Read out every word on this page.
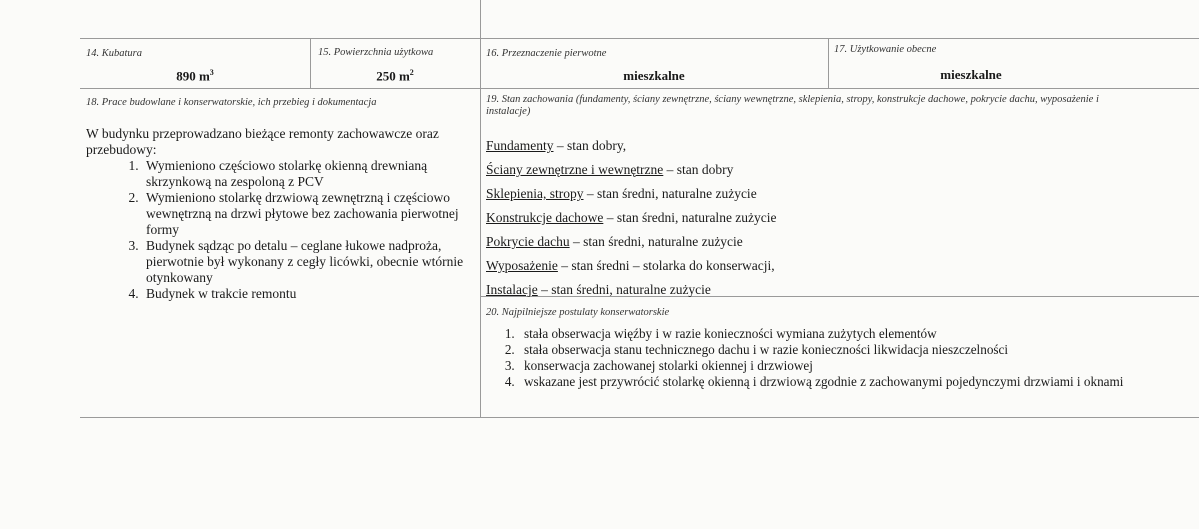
14. Kubatura
890 $m^3$
15. Powierzchnia użytkowa
250 $m^2$
16. Przeznaczenie pierwotne
mieszkalne
17. Użytkowanie obecne
mieszkalne
18. Prace budowlane i konserwatorskie, ich przebieg i dokumentacja
W budynku przeprowadzano bieżące remonty zachowawcze oraz przebudowy:
1. Wymieniono częściowo stolarkę okienną drewnianą skrzynkową na zespoloną z PCV
2. Wymieniono stolarkę drzwiową zewnętrzną i częściowo wewnętrzną na drzwi płytowe bez zachowania pierwotnej formy
3. Budynek sądząc po detalu – ceglane łukowe nadproża, pierwotnie był wykonany z cegły licówki, obecnie wtórnie otynkowany
4. Budynek w trakcie remontu
19. Stan zachowania (fundamenty, ściany zewnętrzne, ściany wewnętrzne, sklepienia, stropy, konstrukcje dachowe, pokrycie dachu, wyposażenie i instalacje)

Fundamenty – stan dobry,

Ściany zewnętrzne i wewnętrzne – stan dobry

Sklepienia, stropy – stan średni, naturalne zużycie

Konstrukcje dachowe – stan średni, naturalne zużycie

Pokrycie dachu – stan średni, naturalne zużycie

Wyposażenie – stan średni – stolarka do konserwacji,

Instalacje – stan średni, naturalne zużycie

20. Najpilniejsze postulaty konserwatorskie
1. stała obserwacja więźby i w razie konieczności wymiana zużytych elementów
2. stała obserwacja stanu technicznego dachu i w razie konieczności likwidacja nieszczelności
3. konserwacja zachowanej stolarki okiennej i drzwiowej
4. wskazane jest przywrócić stolarkę okienną i drzwiową zgodnie z zachowanymi pojedynczymi drzwiami i oknami
